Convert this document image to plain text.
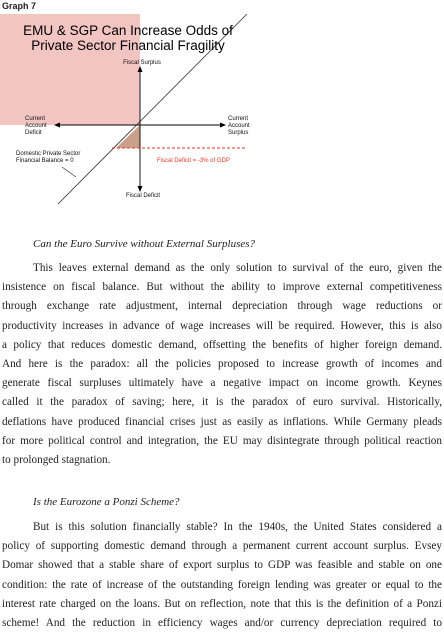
Graph 7
EMU & SGP Can Increase Odds of
Private Sector Financial Fragility
Fiscal Surplus
Fiscal Deficit
Current
Account
Deficit
Current
Account
Surplus
Domestic Private Sector
Financial Balance = 0	Fiscal Deficit = -3% of GDP
Can the Euro Survive without External Surpluses?

This leaves external demand as the only solution to survival of the euro, given the
insistence on fiscal balance. But without the ability to improve external competitiveness
through exchange rate adjustment, internal depreciation through wage reductions or
productivity increases in advance of wage increases will be required. However, this is also
a policy that reduces domestic demand, offsetting the benefits of higher foreign demand.
And here is the paradox: all the policies proposed to increase growth of incomes and
generate fiscal surpluses ultimately have a negative impact on income growth. Keynes
called it the paradox of saving; here, it is the paradox of euro survival. Historically,
deflations have produced financial crises just as easily as inflations. While Germany pleads
for more political control and integration, the EU may disintegrate through political reaction
to prolonged stagnation.

Is the Eurozone a Ponzi Scheme?

But is this solution financially stable? In the 1940s, the United States considered a
policy of supporting domestic demand through a permanent current account surplus. Evsey
Domar showed that a stable share of export surplus to GDP was feasible and stable on one
condition: the rate of increase of the outstanding foreign lending was greater or equal to the
interest rate charged on the loans. But on reflection, note that this is the definition of a Ponzi
scheme! And the reduction in efficiency wages and/or currency depreciation required to
